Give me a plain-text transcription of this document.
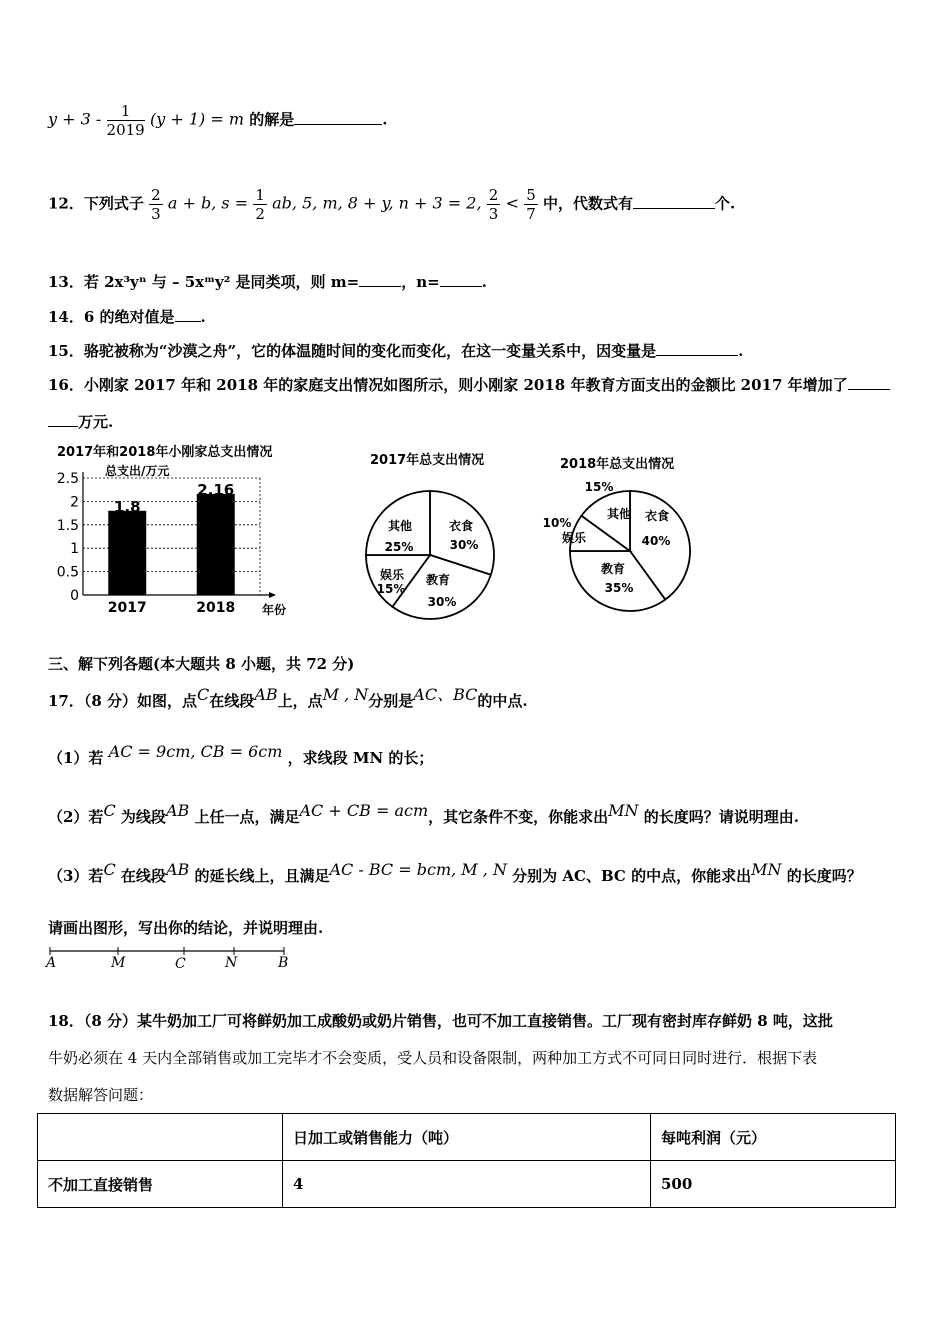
$y + 3 - \frac{1}{2019} (y + 1) = m$ 的解是	.
12．下列式子 $\frac{2}{3}$ a + b, $s = \frac{1}{2}$ ab, 5, m, 8 + y, n + 3 = 2, $\frac{2}{3} < \frac{5}{7}$ 中，代数式有	个.
13．若 2x³yⁿ 与 – 5xᵐy² 是同类项，则 m=	，n=	.
14．6 的绝对值是 .
15．骆驼被称为“沙漠之舟”，它的体温随时间的变化而变化，在这一变量关系中，因变量是	.
16．小刚家 2017 年和 2018 年的家庭支出情况如图所示，则小刚家 2018 年教育方面支出的金额比 2017 年增加了
万元.
2017年和2018年小刚家总支出情况
总支出/万元
0
0.5
1
1.5
2
2.5
1.8
2017
2.16
2018 年份
2017年总支出情况
衣食
30%
教育
30%
娱乐
15%
其他
25%
2018年总支出情况
衣食
40%
教育
35%
娱乐
10%
其他
15%
三、解下列各题(本大题共 8 小题，共 72 分)
17．（8 分）如图，点$^C$在线段$^{AB}$上，点$^{M , N}$分别是$^{AC、BC}$的中点.
（1）若 $^{AC = 9cm, CB = 6cm}$ ，求线段 MN 的长；
（2）若$^C$ 为线段$^{AB}$ 上任一点，满足$^{AC + CB = acm}$，其它条件不变，你能求出$^{MN}$ 的长度吗？请说明理由.
（3）若$^C$ 在线段$^{AB}$ 的延长线上，且满足$^{AC - BC = bcm, M , N}$ 分别为 AC、BC 的中点，你能求出$^{MN}$ 的长度吗？
请画出图形，写出你的结论，并说明理由.
A	M	C	N	B
18．（8 分）某牛奶加工厂可将鲜奶加工成酸奶或奶片销售，也可不加工直接销售。工厂现有密封库存鲜奶 8 吨，这批
牛奶必须在 4 天内全部销售或加工完毕才不会变质，受人员和设备限制，两种加工方式不可同日同时进行．根据下表
数据解答问题：
	日加工或销售能力（吨）	每吨利润（元）
不加工直接销售	4	500
